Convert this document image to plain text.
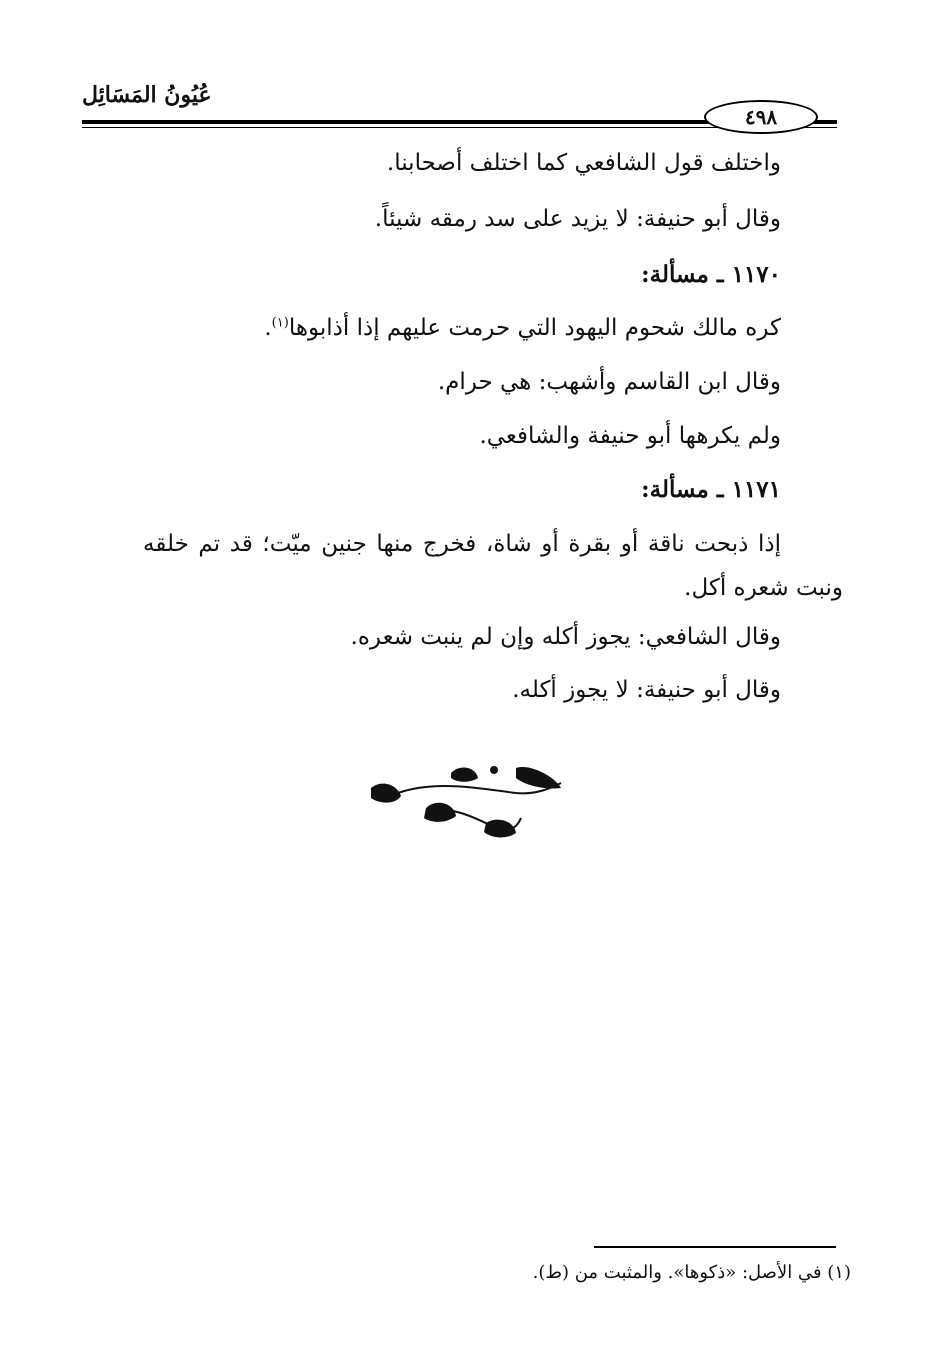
عُيُونُ المَسَائِل
٤٩٨
واختلف قول الشافعي كما اختلف أصحابنا.
وقال أبو حنيفة: لا يزيد على سد رمقه شيئاً.
١١٧٠ ـ مسألة:
كره مالك شحوم اليهود التي حرمت عليهم إذا أذابوها$^{(١)}$.
وقال ابن القاسم وأشهب: هي حرام.
ولم يكرهها أبو حنيفة والشافعي.
١١٧١ ـ مسألة:
إذا ذبحت ناقة أو بقرة أو شاة، فخرج منها جنين ميّت؛ قد تم خلقه ونبت شعره أكل.
وقال الشافعي: يجوز أكله وإن لم ينبت شعره.
وقال أبو حنيفة: لا يجوز أكله.
(١) في الأصل: «ذكوها». والمثبت من (ط).
